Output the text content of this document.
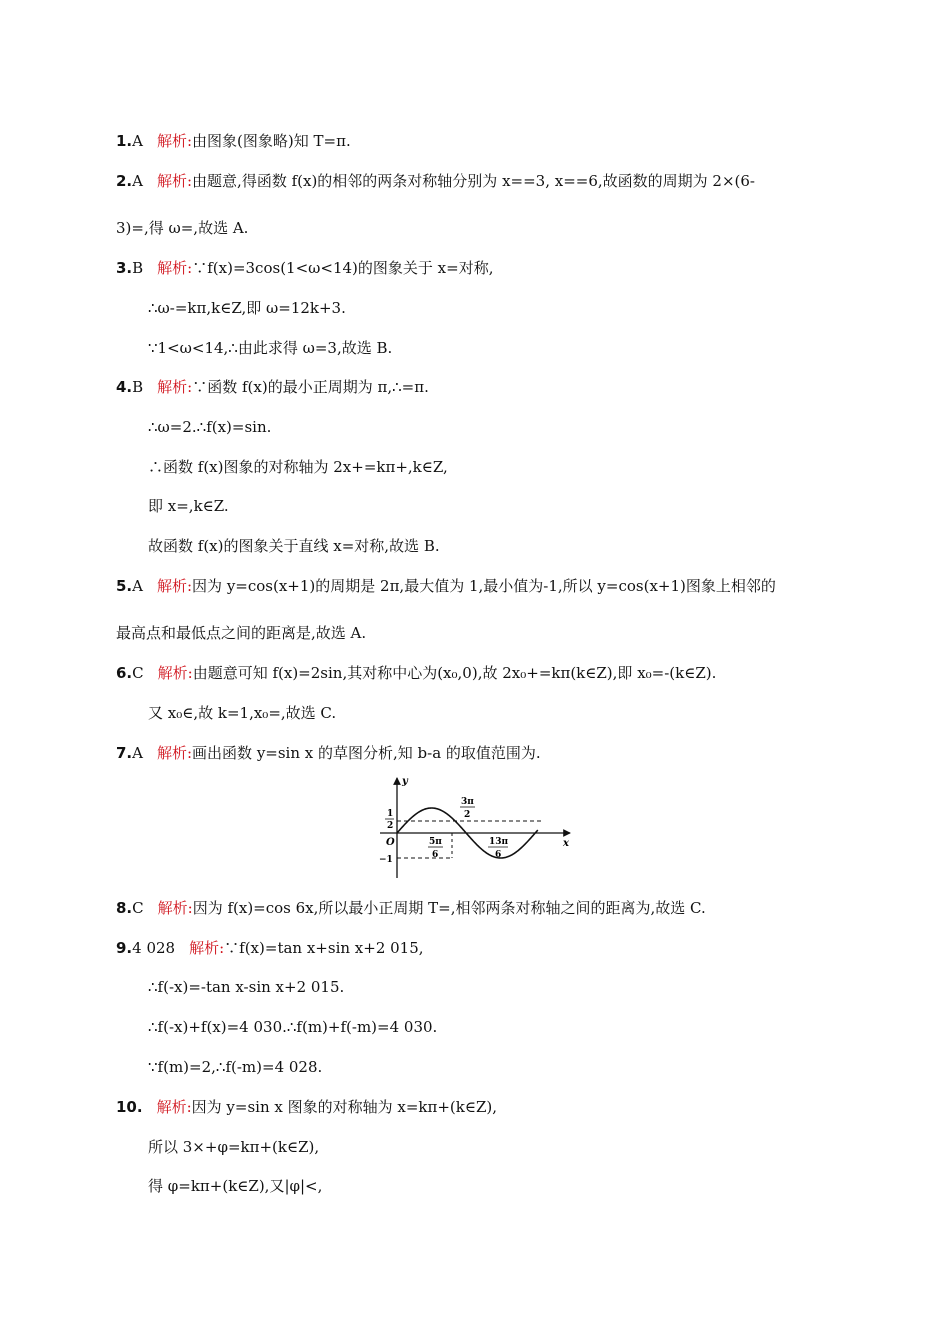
1.A 解析:由图象(图象略)知 T=π.
2.A 解析:由题意,得函数 f(x)的相邻的两条对称轴分别为 x==3, x==6,故函数的周期为 2×(6-
3)=,得 ω=,故选 A.
3.B 解析:∵f(x)=3cos(1<ω<14)的图象关于 x=对称,
∴ω-=kπ,k∈Z,即 ω=12k+3.
∵1<ω<14,∴由此求得 ω=3,故选 B.
4.B 解析:∵函数 f(x)的最小正周期为 π,∴=π.
∴ω=2.∴f(x)=sin.
∴函数 f(x)图象的对称轴为 2x+=kπ+,k∈Z,
即 x=,k∈Z.
故函数 f(x)的图象关于直线 x=对称,故选 B.
5.A 解析:因为 y=cos(x+1)的周期是 2π,最大值为 1,最小值为-1,所以 y=cos(x+1)图象上相邻的
最高点和最低点之间的距离是,故选 A.
6.C 解析:由题意可知 f(x)=2sin,其对称中心为(x₀,0),故 2x₀+=kπ(k∈Z),即 x₀=-(k∈Z).
又 x₀∈,故 k=1,x₀=,故选 C.
7.A 解析:画出函数 y=sin x 的草图分析,知 b-a 的取值范围为.
y
x
O
1
2
−1
3π
2
5π
6
13π
6
8.C 解析:因为 f(x)=cos 6x,所以最小正周期 T=,相邻两条对称轴之间的距离为,故选 C.
9.4 028 解析:∵f(x)=tan x+sin x+2 015,
∴f(-x)=-tan x-sin x+2 015.
∴f(-x)+f(x)=4 030.∴f(m)+f(-m)=4 030.
∵f(m)=2,∴f(-m)=4 028.
10. 解析:因为 y=sin x 图象的对称轴为 x=kπ+(k∈Z),
所以 3×+φ=kπ+(k∈Z),
得 φ=kπ+(k∈Z),又|φ|<,
